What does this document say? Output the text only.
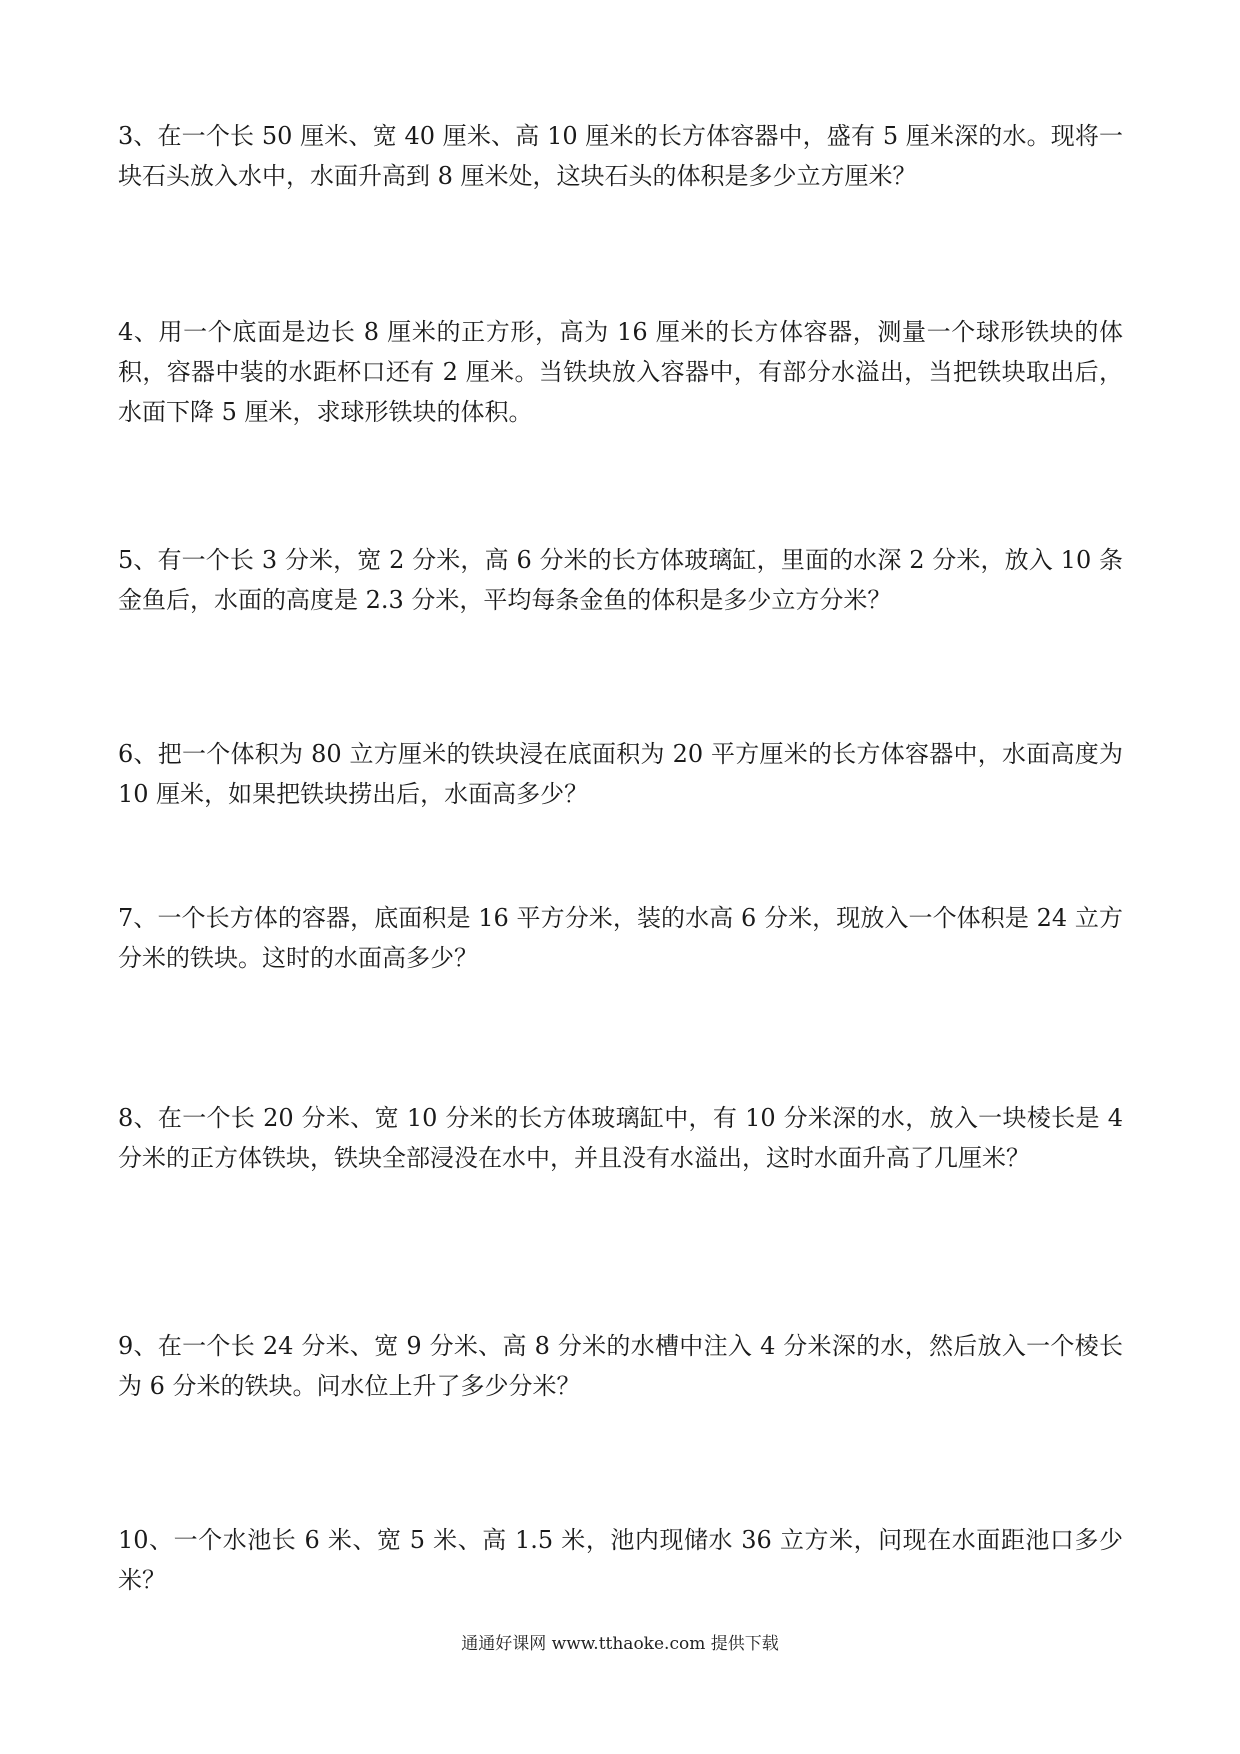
3、在一个长 50 厘米、宽 40 厘米、高 10 厘米的长方体容器中，盛有 5 厘米深的水。现将一块石头放入水中，水面升高到 8 厘米处，这块石头的体积是多少立方厘米？

4、用一个底面是边长 8 厘米的正方形，高为 16 厘米的长方体容器，测量一个球形铁块的体积，容器中装的水距杯口还有 2 厘米。当铁块放入容器中，有部分水溢出，当把铁块取出后，水面下降 5 厘米，求球形铁块的体积。

5、有一个长 3 分米，宽 2 分米，高 6 分米的长方体玻璃缸，里面的水深 2 分米，放入 10 条金鱼后，水面的高度是 2.3 分米，平均每条金鱼的体积是多少立方分米？

6、把一个体积为 80 立方厘米的铁块浸在底面积为 20 平方厘米的长方体容器中，水面高度为 10 厘米，如果把铁块捞出后，水面高多少？

7、一个长方体的容器，底面积是 16 平方分米，装的水高 6 分米，现放入一个体积是 24 立方分米的铁块。这时的水面高多少？

8、在一个长 20 分米、宽 10 分米的长方体玻璃缸中，有 10 分米深的水，放入一块棱长是 4 分米的正方体铁块，铁块全部浸没在水中，并且没有水溢出，这时水面升高了几厘米？

9、在一个长 24 分米、宽 9 分米、高 8 分米的水槽中注入 4 分米深的水，然后放入一个棱长为 6 分米的铁块。问水位上升了多少分米？

10、一个水池长 6 米、宽 5 米、高 1.5 米，池内现储水 36 立方米，问现在水面距池口多少米？

通通好课网 www.tthaoke.com 提供下载
